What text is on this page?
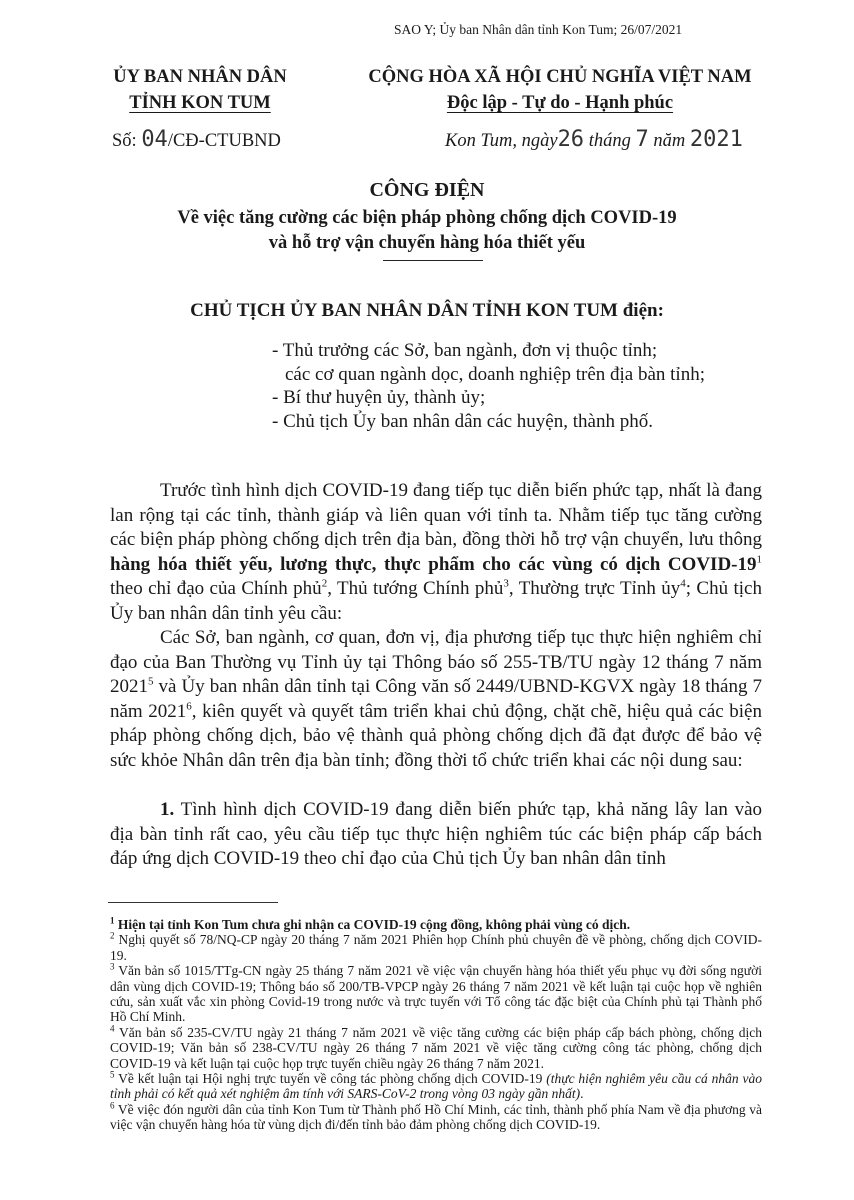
SAO Y; Ủy ban Nhân dân tỉnh Kon Tum; 26/07/2021
ỦY BAN NHÂN DÂN
TỈNH KON TUM
CỘNG HÒA XÃ HỘI CHỦ NGHĨA VIỆT NAM
Độc lập - Tự do - Hạnh phúc
Số: 04/CĐ-CTUBND	Kon Tum, ngày26 tháng 7 năm 2021
CÔNG ĐIỆN
Về việc tăng cường các biện pháp phòng chống dịch COVID-19
và hỗ trợ vận chuyển hàng hóa thiết yếu
CHỦ TỊCH ỦY BAN NHÂN DÂN TỈNH KON TUM điện:
- Thủ trưởng các Sở, ban ngành, đơn vị thuộc tỉnh;
các cơ quan ngành dọc, doanh nghiệp trên địa bàn tỉnh;
- Bí thư huyện ủy, thành ủy;
- Chủ tịch Ủy ban nhân dân các huyện, thành phố.

Trước tình hình dịch COVID-19 đang tiếp tục diễn biến phức tạp, nhất là đang lan rộng tại các tỉnh, thành giáp và liên quan với tỉnh ta. Nhằm tiếp tục tăng cường các biện pháp phòng chống dịch trên địa bàn, đồng thời hỗ trợ vận chuyển, lưu thông hàng hóa thiết yếu, lương thực, thực phẩm cho các vùng có dịch COVID-$19^1$ theo chỉ đạo của Chính phủ$^2$, Thủ tướng Chính phủ$^3$, Thường trực Tỉnh ủy$^4$; Chủ tịch Ủy ban nhân dân tỉnh yêu cầu:

Các Sở, ban ngành, cơ quan, đơn vị, địa phương tiếp tục thực hiện nghiêm chỉ đạo của Ban Thường vụ Tỉnh ủy tại Thông báo số 255-TB/TU ngày 12 tháng 7 năm 2021$^5$ và Ủy ban nhân dân tỉnh tại Công văn số 2449/UBND-KGVX ngày 18 tháng 7 năm 2021$^6$, kiên quyết và quyết tâm triển khai chủ động, chặt chẽ, hiệu quả các biện pháp phòng chống dịch, bảo vệ thành quả phòng chống dịch đã đạt được để bảo vệ sức khỏe Nhân dân trên địa bàn tỉnh; đồng thời tổ chức triển khai các nội dung sau:

1. Tình hình dịch COVID-19 đang diễn biến phức tạp, khả năng lây lan vào địa bàn tỉnh rất cao, yêu cầu tiếp tục thực hiện nghiêm túc các biện pháp cấp bách đáp ứng dịch COVID-19 theo chỉ đạo của Chủ tịch Ủy ban nhân dân tỉnh

$^1$ Hiện tại tỉnh Kon Tum chưa ghi nhận ca COVID-19 cộng đồng, không phải vùng có dịch.

$^2$ Nghị quyết số 78/NQ-CP ngày 20 tháng 7 năm 2021 Phiên họp Chính phủ chuyên đề về phòng, chống dịch COVID-19.

$^3$ Văn bản số 1015/TTg-CN ngày 25 tháng 7 năm 2021 về việc vận chuyển hàng hóa thiết yếu phục vụ đời sống người dân vùng dịch COVID-19; Thông báo số 200/TB-VPCP ngày 26 tháng 7 năm 2021 về kết luận tại cuộc họp về nghiên cứu, sản xuất vắc xin phòng Covid-19 trong nước và trực tuyến với Tổ công tác đặc biệt của Chính phủ tại Thành phố Hồ Chí Minh.

$^4$ Văn bản số 235-CV/TU ngày 21 tháng 7 năm 2021 về việc tăng cường các biện pháp cấp bách phòng, chống dịch COVID-19; Văn bản số 238-CV/TU ngày 26 tháng 7 năm 2021 về việc tăng cường công tác phòng, chống dịch COVID-19 và kết luận tại cuộc họp trực tuyến chiều ngày 26 tháng 7 năm 2021.

$^5$ Về kết luận tại Hội nghị trực tuyến về công tác phòng chống dịch COVID-19 (thực hiện nghiêm yêu cầu cá nhân vào tỉnh phải có kết quả xét nghiệm âm tính với SARS-CoV-2 trong vòng 03 ngày gần nhất).

$^6$ Về việc đón người dân của tỉnh Kon Tum từ Thành phố Hồ Chí Minh, các tỉnh, thành phố phía Nam về địa phương và việc vận chuyển hàng hóa từ vùng dịch đi/đến tỉnh bảo đảm phòng chống dịch COVID-19.
